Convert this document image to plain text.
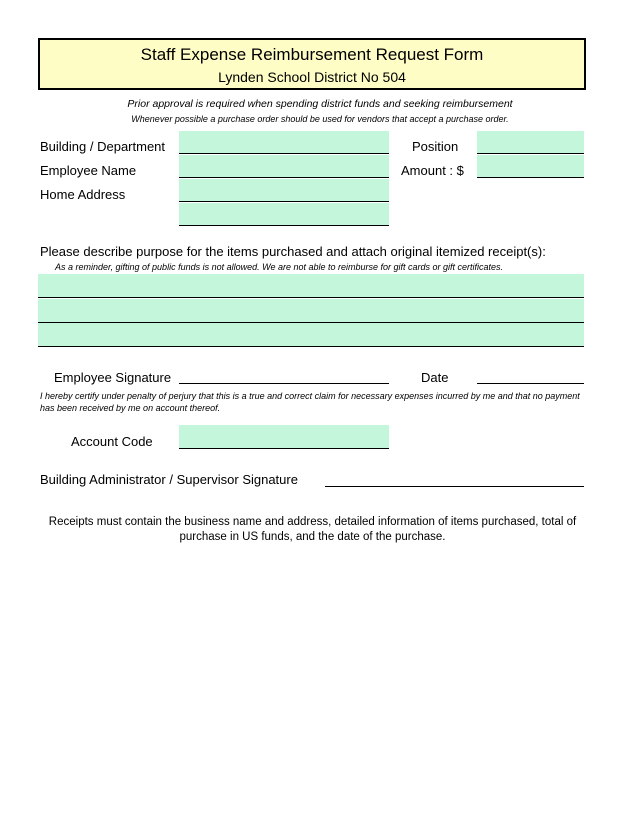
Staff Expense Reimbursement Request Form
Lynden School District No 504
Prior approval is required when spending district funds and seeking reimbursement
Whenever possible a purchase order should be used for vendors that accept a purchase order.
Building / Department	Position
Employee Name	Amount : $
Home Address
Please describe purpose for the items purchased and attach original itemized receipt(s):
As a reminder, gifting of public funds is not allowed. We are not able to reimburse for gift cards or gift certificates.
Employee Signature	Date
I hereby certify under penalty of perjury that this is a true and correct claim for necessary expenses incurred by me and that no payment has been received by me on account thereof.
Account Code
Building Administrator / Supervisor Signature
Receipts must contain the business name and address, detailed information of items purchased, total of purchase in US funds, and the date of the purchase.
